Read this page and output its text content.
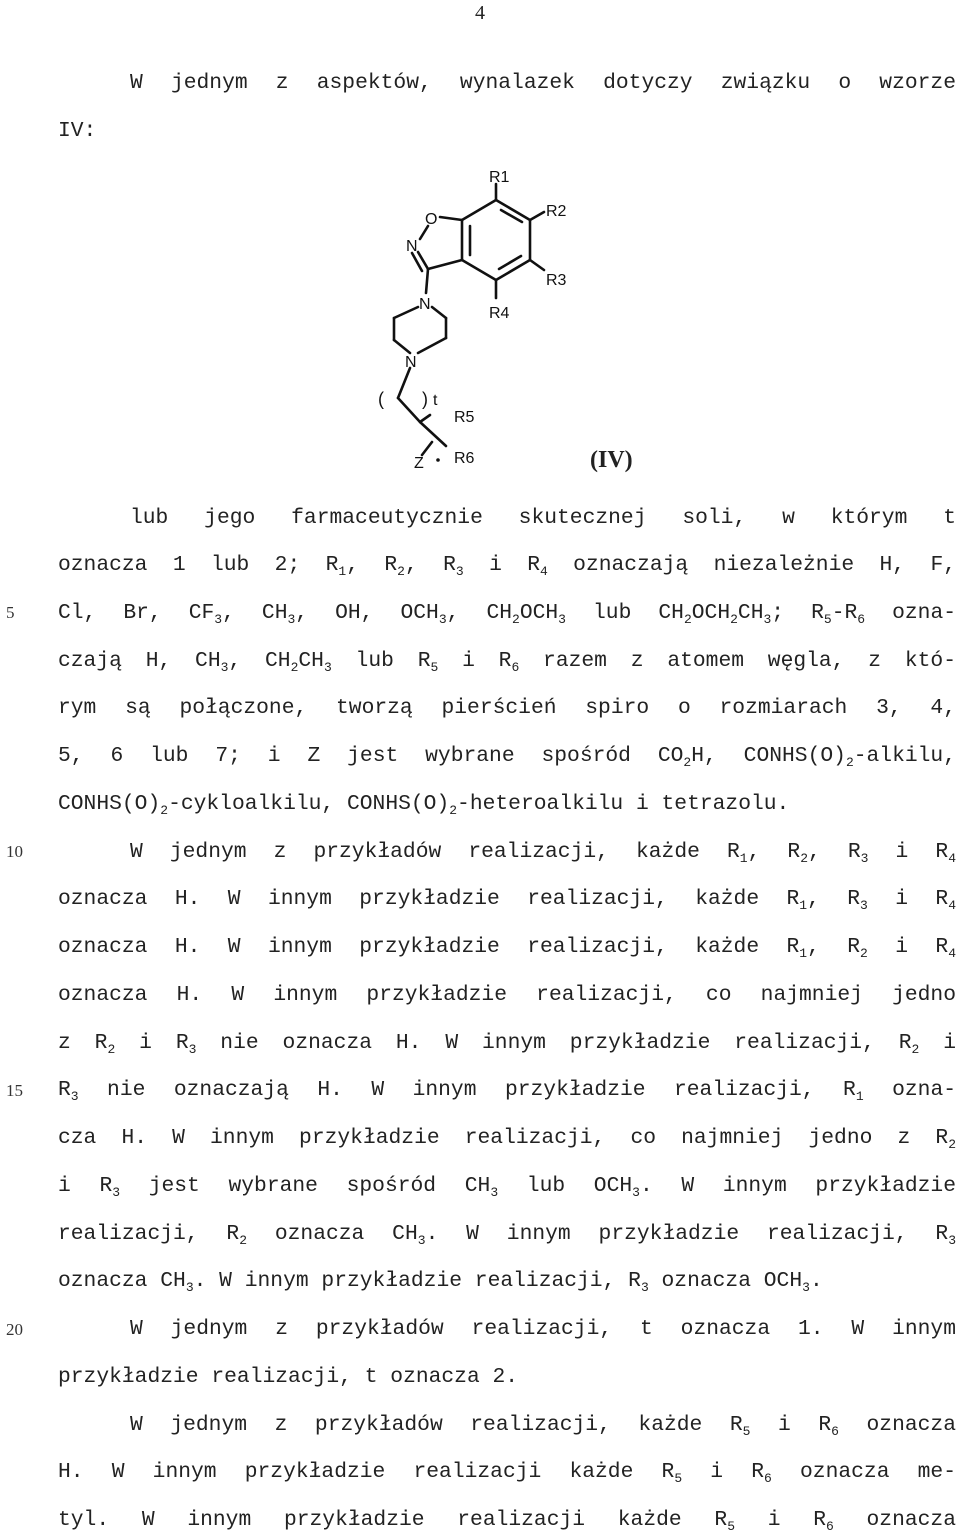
4
5
10
15
20
W jednym z aspektów, wynalazek dotyczy związku o wzorze
IV:
R1
R2
R3
R4
O
N
N
N
( ) t
R5
R6
Z	(IV)
lub jego farmaceutycznie skutecznej soli, w którym t
oznacza 1 lub 2; $R_1$, $R_2$, $R_3$ i $R_4$ oznaczają niezależnie H, F,
Cl, Br, $CF_3$, $CH_3$, OH, $OCH_3$, $CH_2OCH_3$ lub $CH_2OCH_2CH_3$; $R_5-R_6$ ozna-
czają H, $CH_3$, $CH_2CH_3$ lub $R_5$ i $R_6$ razem z atomem węgla, z któ-
rym są połączone, tworzą pierścień spiro o rozmiarach 3, 4,
5, 6 lub 7; i Z jest wybrane spośród $CO_2H$, $CONHS(O)_2$-alkilu,
$CONHS(O)_2$-cykloalkilu, $CONHS(O)_2$-heteroalkilu i tetrazolu.
W jednym z przykładów realizacji, każde $R_1$, $R_2$, $R_3$ i $R_4$
oznacza H. W innym przykładzie realizacji, każde $R_1$, $R_3$ i $R_4$
oznacza H. W innym przykładzie realizacji, każde $R_1$, $R_2$ i $R_4$
oznacza H. W innym przykładzie realizacji, co najmniej jedno
z $R_2$ i $R_3$ nie oznacza H. W innym przykładzie realizacji, $R_2$ i
$R_3$ nie oznaczają H. W innym przykładzie realizacji, $R_1$ ozna-
cza H. W innym przykładzie realizacji, co najmniej jedno z $R_2$
i $R_3$ jest wybrane spośród $CH_3$ lub $OCH_3$. W innym przykładzie
realizacji, $R_2$ oznacza $CH_3$. W innym przykładzie realizacji, $R_3$
oznacza $CH_3$. W innym przykładzie realizacji, $R_3$ oznacza $OCH_3$.
W jednym z przykładów realizacji, t oznacza 1. W innym
przykładzie realizacji, t oznacza 2.
W jednym z przykładów realizacji, każde $R_5$ i $R_6$ oznacza
H. W innym przykładzie realizacji każde $R_5$ i $R_6$ oznacza me-
tyl. W innym przykładzie realizacji każde $R_5$ i $R_6$ oznacza
